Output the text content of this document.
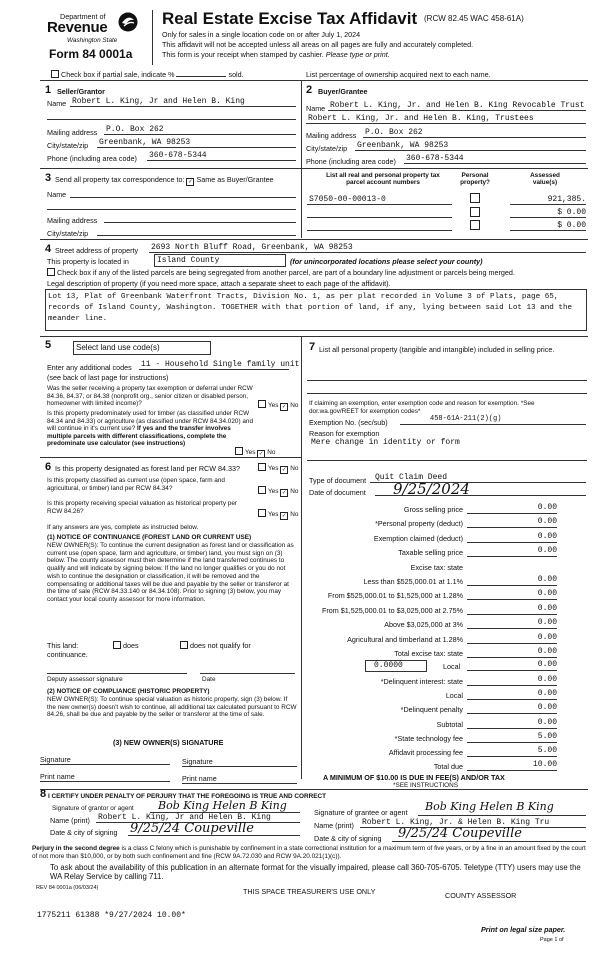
Department of
Revenue
Washington State
Form 84 0001a
Real Estate Excise Tax Affidavit (RCW 82.45 WAC 458-61A)
Only for sales in a single location code on or after July 1, 2024
This affidavit will not be accepted unless all areas on all pages are fully and accurately completed.
This form is your receipt when stamped by cashier. Please type or print.
Check box if partial sale, indicate %	sold.	List percentage of ownership acquired next to each name.
1 Seller/Grantor
Name Robert L. King, Jr and Helen B. King
Mailing address P.O. Box 262
City/state/zip Greenbank, WA 98253
Phone (including area code) 360-678-5344
2 Buyer/Grantee
Name Robert L. King, Jr. and Helen B. King Revocable Trust
Robert L. King, Jr. and Helen B. King, Trustees
Mailing address P.O. Box 262
City/state/zip Greenbank, WA 98253
Phone (including area code) 360-678-5344
3 Send all property tax correspondence to: ✓ Same as Buyer/Grantee
Name
Mailing address
City/state/zip
List all real and personal property tax
parcel account numbers
Personal
property?
Assessed
value(s)
S7050-00-00013-0	921,385.
$ 0.00
$ 0.00
4 Street address of property 2693 North Bluff Road, Greenbank, WA 98253
This property is located in	Island County	(for unincorporated locations please select your county)
Check box if any of the listed parcels are being segregated from another parcel, are part of a boundary line adjustment or parcels being merged.
Legal description of property (if you need more space, attach a separate sheet to each page of the affidavit).
Lot 13, Plat of Greenbank Waterfront Tracts, Division No. 1, as per plat recorded in Volume 3 of Plats, page 65, records of Island County, Washington. TOGETHER with that portion of land, if any, lying between said Lot 13 and the meander line.
5	Select land use code(s)
Enter any additional codes 11 - Household Single family unit
(see back of last page for instructions)
Was the seller receiving a property tax exemption or deferral under RCW 84.36, 84.37, or 84.38 (nonprofit org., senior citizen or disabled person, homeowner with limited income)?	Yes ✓ No
Is this property predominately used for timber (as classified under RCW 84.34 and 84.33) or agriculture (as classified under RCW 84.34.020) and will continue in it's current use? If yes and the transfer involves multiple parcels with different classifications, complete the predominate use calculator (see instructions)
Yes ✓ No
6 Is this property designated as forest land per RCW 84.33?	Yes ✓ No
Is this property classified as current use (open space, farm and agricultural, or timber) land per RCW 84.34?	Yes ✓ No
Is this property receiving special valuation as historical property per RCW 84.26?	Yes ✓ No
If any answers are yes, complete as instructed below.
(1) NOTICE OF CONTINUANCE (FOREST LAND OR CURRENT USE)
NEW OWNER(S): To continue the current designation as forest land or classification as current use (open space, farm and agriculture, or timber) land, you must sign on (3) below. The county assessor must then determine if the land transferred continues to qualify and will indicate by signing below. If the land no longer qualifies or you do not wish to continue the designation or classification, it will be removed and the compensating or additional taxes will be due and payable by the seller or transferor at the time of sale (RCW 84.33.140 or 84.34.108). Prior to signing (3) below, you may contact your local county assessor for more information.
This land:
continuance.
does	does not qualify for
Deputy assessor signature	Date
(2) NOTICE OF COMPLIANCE (HISTORIC PROPERTY)
NEW OWNER(S): To continue special valuation as historic property, sign (3) below. If the new owner(s) doesn't wish to continue, all additional tax calculated pursuant to RCW 84.26, shall be due and payable by the seller or transferor at the time of sale.
(3) NEW OWNER(S) SIGNATURE
Signature	Signature
Print name	Print name
7 List all personal property (tangible and intangible) included in selling price.
If claiming an exemption, enter exemption code and reason for exemption. *See dor.wa.gov/REET for exemption codes*
Exemption No. (sec/sub)	458-61A-211(2)(g)
Reason for exemption
Mere change in identity or form
Type of document Quit Claim Deed
Date of document 9/25/2024
Gross selling price	0.00
*Personal property (deduct)	0.00
Exemption claimed (deduct)	0.00
Taxable selling price	0.00
Excise tax: state
Less than $525,000.01 at 1.1%	0.00
From $525,000.01 to $1,525,000 at 1.28%	0.00
From $1,525,000.01 to $3,025,000 at 2.75%	0.00
Above $3,025,000 at 3%	0.00
Agricultural and timberland at 1.28%	0.00
Total excise tax: state	0.00
0.0000	Local	0.00
*Delinquent interest: state	0.00
Local	0.00
*Delinquent penalty	0.00
Subtotal	0.00
*State technology fee	5.00
Affidavit processing fee	5.00
Total due	10.00
A MINIMUM OF $10.00 IS DUE IN FEE(S) AND/OR TAX
*SEE INSTRUCTIONS
8 I CERTIFY UNDER PENALTY OF PERJURY THAT THE FOREGOING IS TRUE AND CORRECT
Signature of grantor or agent Bob King Helen B King
Name (print) Robert L. King, Jr and Helen B. King
Date & city of signing 9/25/24 Coupeville
Signature of grantee or agent Bob King Helen B King
Name (print) Robert L. King, Jr. & Helen B. King Tru
Date & city of signing 9/25/24 Coupeville
Perjury in the second degree is a class C felony which is punishable by confinement in a state correctional institution for a maximum term of five years, or by a fine in an amount fixed by the court of not more than $10,000, or by both such confinement and fine (RCW 9A.72.030 and RCW 9A.20.021(1)(c)).
To ask about the availability of this publication in an alternate format for the visually impaired, please call 360-705-6705. Teletype (TTY) users may use the WA Relay Service by calling 711.
REV 84 0001a (06/03/24)	THIS SPACE TREASURER'S USE ONLY	COUNTY ASSESSOR
1775211 61388 *9/27/2024 10.00*
Print on legal size paper.
Page 1 of
